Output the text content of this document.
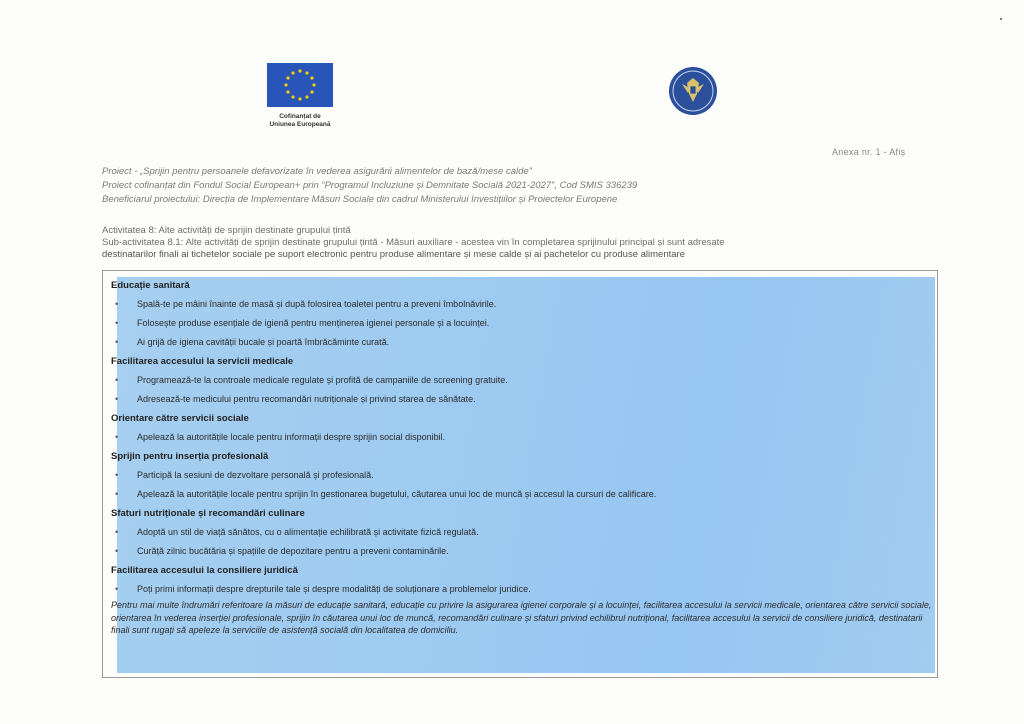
Cofinanțat de
Uniunea Europeană
Anexa nr. 1 - Afiș
Proiect - „Sprijin pentru persoanele defavorizate în vederea asigurării alimentelor de bază/mese calde”
Proiect cofinanțat din Fondul Social European+ prin “Programul Incluziune și Demnitate Socială 2021-2027”, Cod SMIS 336239
Beneficiarul proiectului: Direcția de Implementare Măsuri Sociale din cadrul Ministerului Investițiilor și Proiectelor Europene
Activitatea 8: Alte activități de sprijin destinate grupului țintă
Sub-activitatea 8.1: Alte activități de sprijin destinate grupului țintă - Măsuri auxiliare - acestea vin în completarea sprijinului principal și sunt adresate
destinatarilor finali ai tichetelor sociale pe suport electronic pentru produse alimentare și mese calde și ai pachetelor cu produse alimentare
Educație sanitară
• Spală-te pe mâini înainte de masă și după folosirea toaletei pentru a preveni îmbolnăvirile.
• Folosește produse esențiale de igienă pentru menținerea igienei personale și a locuinței.
• Ai grijă de igiena cavității bucale și poartă îmbrăcăminte curată.
Facilitarea accesului la servicii medicale
• Programează-te la controale medicale regulate și profită de campaniile de screening gratuite.
• Adresează-te medicului pentru recomandări nutriționale și privind starea de sănătate.
Orientare către servicii sociale
• Apelează la autoritățile locale pentru informații despre sprijin social disponibil.
Sprijin pentru inserția profesională
• Participă la sesiuni de dezvoltare personală și profesională.
• Apelează la autoritățile locale pentru sprijin în gestionarea bugetului, căutarea unui loc de muncă și accesul la cursuri de calificare.
Sfaturi nutriționale și recomandări culinare
• Adoptă un stil de viață sănătos, cu o alimentație echilibrată și activitate fizică regulată.
• Curăță zilnic bucătăria și spațiile de depozitare pentru a preveni contaminările.
Facilitarea accesului la consiliere juridică
• Poți primi informații despre drepturile tale și despre modalități de soluționare a problemelor juridice.
Pentru mai multe îndrumări referitoare la măsuri de educație sanitară, educație cu privire la asigurarea igienei corporale și a locuinței, facilitarea accesului la servicii medicale, orientarea către servicii sociale, orientarea în vederea inserției profesionale, sprijin în căutarea unui loc de muncă, recomandări culinare și sfaturi privind echilibrul nutrițional, facilitarea accesului la servicii de consiliere juridică, destinatarii finali sunt rugați să apeleze la serviciile de asistență socială din localitatea de domiciliu.
